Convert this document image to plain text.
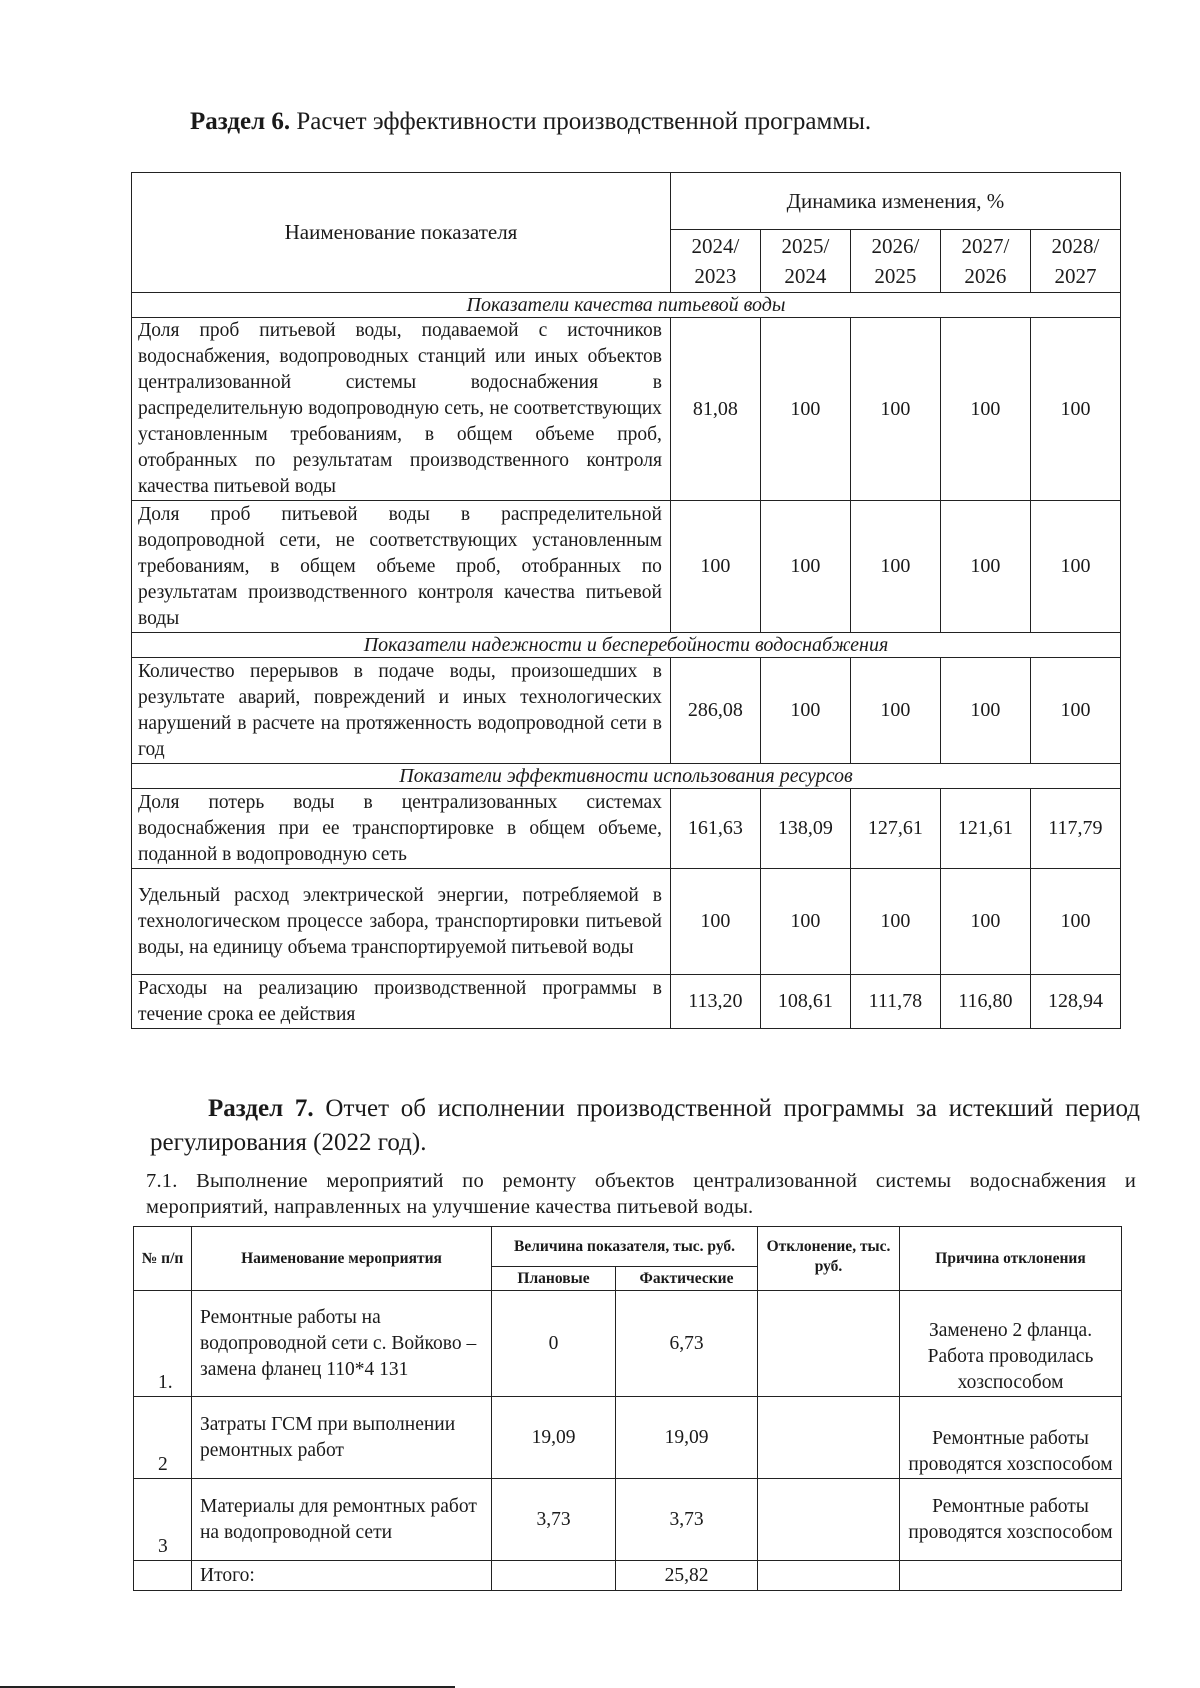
Раздел 6. Расчет эффективности производственной программы.
Наименование показателя	Динамика изменения, %				
	2024/ 2023	2025/ 2024	2026/ 2025	2027/ 2026	2028/ 2027
Показатели качества питьевой воды					
Доля проб питьевой воды, подаваемой с источников водоснабжения, водопроводных станций или иных объектов централизованной системы водоснабжения в распределительную водопроводную сеть, не соответствующих установленным требованиям, в общем объеме проб, отобранных по результатам производственного контроля качества питьевой воды	81,08	100	100	100	100
Доля проб питьевой воды в распределительной водопроводной сети, не соответствующих установленным требованиям, в общем объеме проб, отобранных по результатам производственного контроля качества питьевой воды	100	100	100	100	100
Показатели надежности и бесперебойности водоснабжения					
Количество перерывов в подаче воды, произошедших в результате аварий, повреждений и иных технологических нарушений в расчете на протяженность водопроводной сети в год	286,08	100	100	100	100
Показатели эффективности использования ресурсов					
Доля потерь воды в централизованных системах водоснабжения при ее транспортировке в общем объеме, поданной в водопроводную сеть	161,63	138,09	127,61	121,61	117,79
Удельный расход электрической энергии, потребляемой в технологическом процессе забора, транспортировки питьевой воды, на единицу объема транспортируемой питьевой воды	100	100	100	100	100
Расходы на реализацию производственной программы в течение срока ее действия	113,20	108,61	111,78	116,80	128,94
Раздел 7. Отчет об исполнении производственной программы за истекший период регулирования (2022 год).
7.1. Выполнение мероприятий по ремонту объектов централизованной системы водоснабжения и мероприятий, направленных на улучшение качества питьевой воды.
№ п/п	Наименование мероприятия	Величина показателя, тыс. руб.		Отклонение, тыс. руб.	Причина отклонения
		Плановые	Фактические		
1.	Ремонтные работы на водопроводной сети с. Войково – замена фланец 110*4 131	0	6,73		Заменено 2 фланца. Работа проводилась хозспособом
2	Затраты ГСМ при выполнении ремонтных работ	19,09	19,09		Ремонтные работы проводятся хозспособом
3	Материалы для ремонтных работ на водопроводной сети	3,73	3,73		Ремонтные работы проводятся хозспособом
	Итого:		25,82		
